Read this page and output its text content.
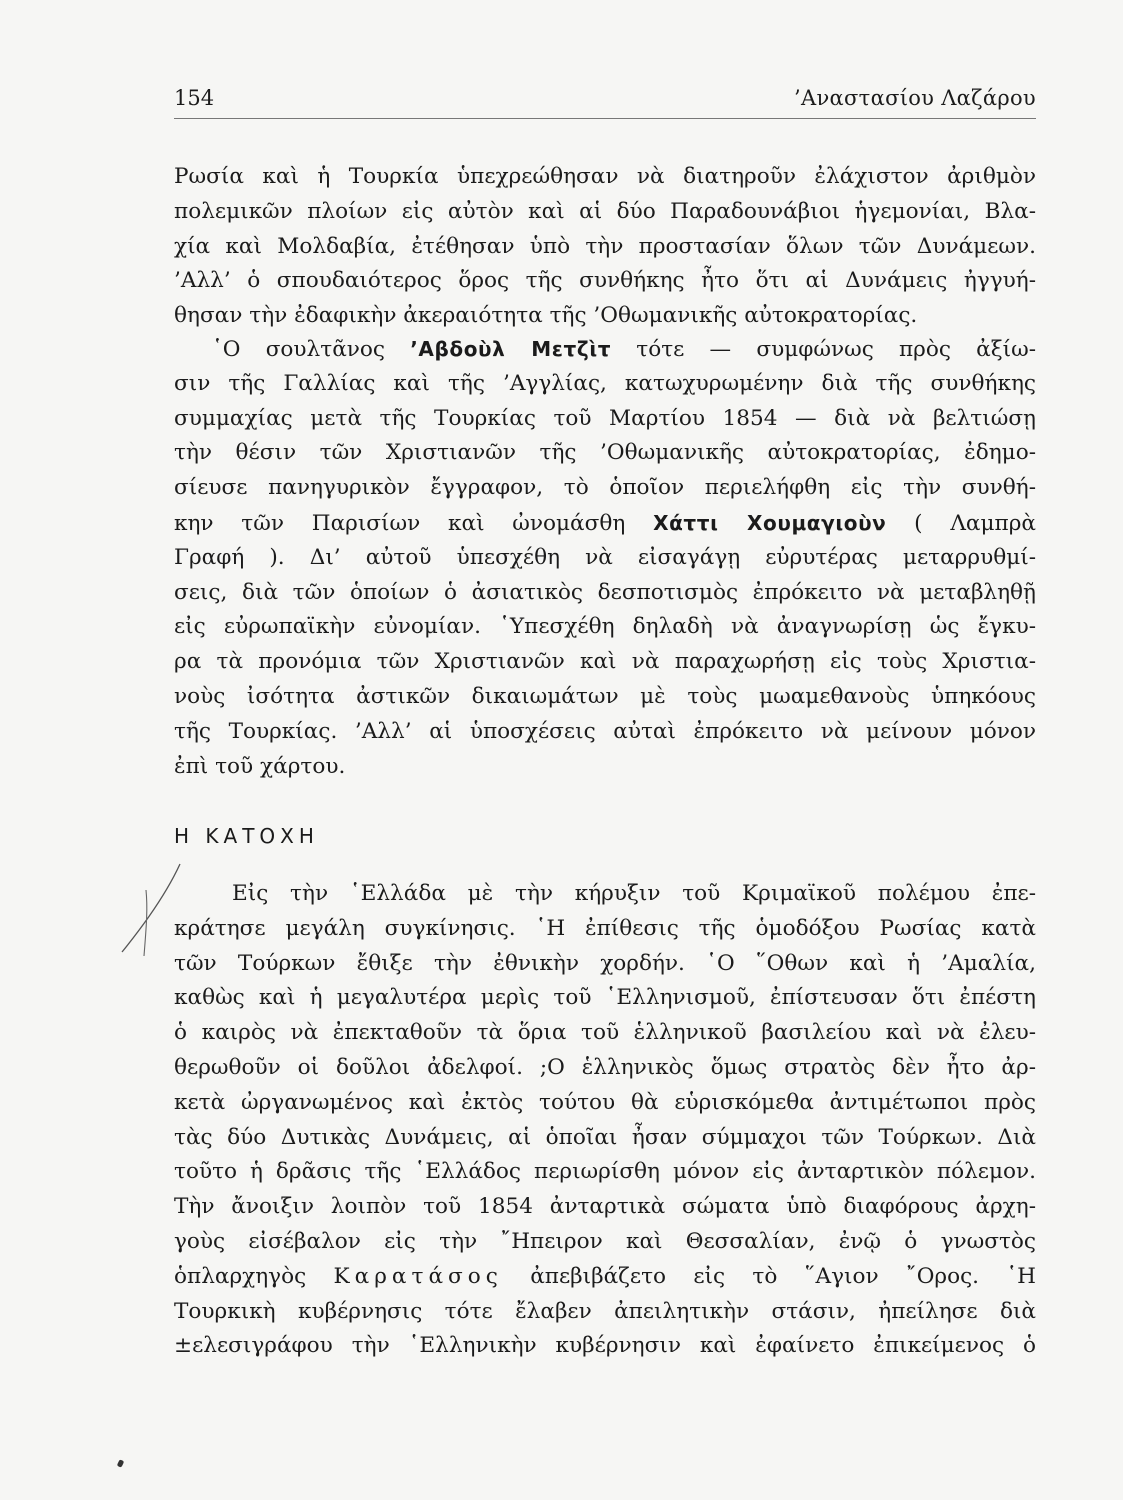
154	’Αναστασίου Λαζάρου
Ρωσία καὶ ἡ Τουρκία ὑπεχρεώθησαν νὰ διατηροῦν ἐλάχιστον ἀριθμὸν
πολεμικῶν πλοίων εἰς αὐτὸν καὶ αἱ δύο Παραδουνάβιοι ἡγεμονίαι, Βλα-
χία καὶ Μολδαβία, ἐτέθησαν ὑπὸ τὴν προστασίαν ὅλων τῶν Δυνάμεων.
’Αλλ’ ὁ σπουδαιότερος ὅρος τῆς συνθήκης ἦτο ὅτι αἱ Δυνάμεις ἠγγυή-
θησαν τὴν ἐδαφικὴν ἀκεραιότητα τῆς ’Οθωμανικῆς αὐτοκρατορίας.
῾Ο σουλτᾶνος ’Αβδοὺλ Μετζὶτ τότε — συμφώνως πρὸς ἀξίω-
σιν τῆς Γαλλίας καὶ τῆς ’Αγγλίας, κατωχυρωμένην διὰ τῆς συνθήκης
συμμαχίας μετὰ τῆς Τουρκίας τοῦ Μαρτίου 1854 — διὰ νὰ βελτιώσῃ
τὴν θέσιν τῶν Χριστιανῶν τῆς ’Οθωμανικῆς αὐτοκρατορίας, ἐδημο-
σίευσε πανηγυρικὸν ἔγγραφον, τὸ ὁποῖον περιελήφθη εἰς τὴν συνθή-
κην τῶν Παρισίων καὶ ὠνομάσθη Χάττι Χουμαγιοὺν ( Λαμπρὰ
Γραφή ). Δι’ αὐτοῦ ὑπεσχέθη νὰ εἰσαγάγῃ εὐρυτέρας μεταρρυθμί-
σεις, διὰ τῶν ὁποίων ὁ ἀσιατικὸς δεσποτισμὸς ἐπρόκειτο νὰ μεταβληθῇ
εἰς εὐρωπαϊκὴν εὐνομίαν. ῾Υπεσχέθη δηλαδὴ νὰ ἀναγνωρίσῃ ὡς ἔγκυ-
ρα τὰ προνόμια τῶν Χριστιανῶν καὶ νὰ παραχωρήσῃ εἰς τοὺς Χριστια-
νοὺς ἰσότητα ἀστικῶν δικαιωμάτων μὲ τοὺς μωαμεθανοὺς ὑπηκόους
τῆς Τουρκίας. ’Αλλ’ αἱ ὑποσχέσεις αὐταὶ ἐπρόκειτο νὰ μείνουν μόνον
ἐπὶ τοῦ χάρτου.
Η ΚΑΤΟΧΗ
Εἰς τὴν ῾Ελλάδα μὲ τὴν κήρυξιν τοῦ Κριμαϊκοῦ πολέμου ἐπε-
κράτησε μεγάλη συγκίνησις. ῾Η ἐπίθεσις τῆς ὁμοδόξου Ρωσίας κατὰ
τῶν Τούρκων ἔθιξε τὴν ἐθνικὴν χορδήν. ῾Ο ῞Οθων καὶ ἡ ’Αμαλία,
καθὼς καὶ ἡ μεγαλυτέρα μερὶς τοῦ ῾Ελληνισμοῦ, ἐπίστευσαν ὅτι ἐπέστη
ὁ καιρὸς νὰ ἐπεκταθοῦν τὰ ὅρια τοῦ ἑλληνικοῦ βασιλείου καὶ νὰ ἐλευ-
θερωθοῦν οἱ δοῦλοι ἀδελφοί. ;Ο ἑλληνικὸς ὅμως στρατὸς δὲν ἦτο ἀρ-
κετὰ ὠργανωμένος καὶ ἐκτὸς τούτου θὰ εὑρισκόμεθα ἀντιμέτωποι πρὸς
τὰς δύο Δυτικὰς Δυνάμεις, αἱ ὁποῖαι ἦσαν σύμμαχοι τῶν Τούρκων. Διὰ
τοῦτο ἡ δρᾶσις τῆς ῾Ελλάδος περιωρίσθη μόνον εἰς ἀνταρτικὸν πόλεμον.
Τὴν ἄνοιξιν λοιπὸν τοῦ 1854 ἀνταρτικὰ σώματα ὑπὸ διαφόρους ἀρχη-
γοὺς εἰσέβαλον εἰς τὴν ῎Ηπειρον καὶ Θεσσαλίαν, ἐνῷ ὁ γνωστὸς
ὁπλαρχηγὸς Καρατάσος ἀπεβιβάζετο εἰς τὸ ῞Αγιον ῎Ορος. ῾Η
Τουρκικὴ κυβέρνησις τότε ἔλαβεν ἀπειλητικὴν στάσιν, ἠπείλησε διὰ
±ελεσιγράφου τὴν ῾Ελληνικὴν κυβέρνησιν καὶ ἐφαίνετο ἐπικείμενος ὁ
